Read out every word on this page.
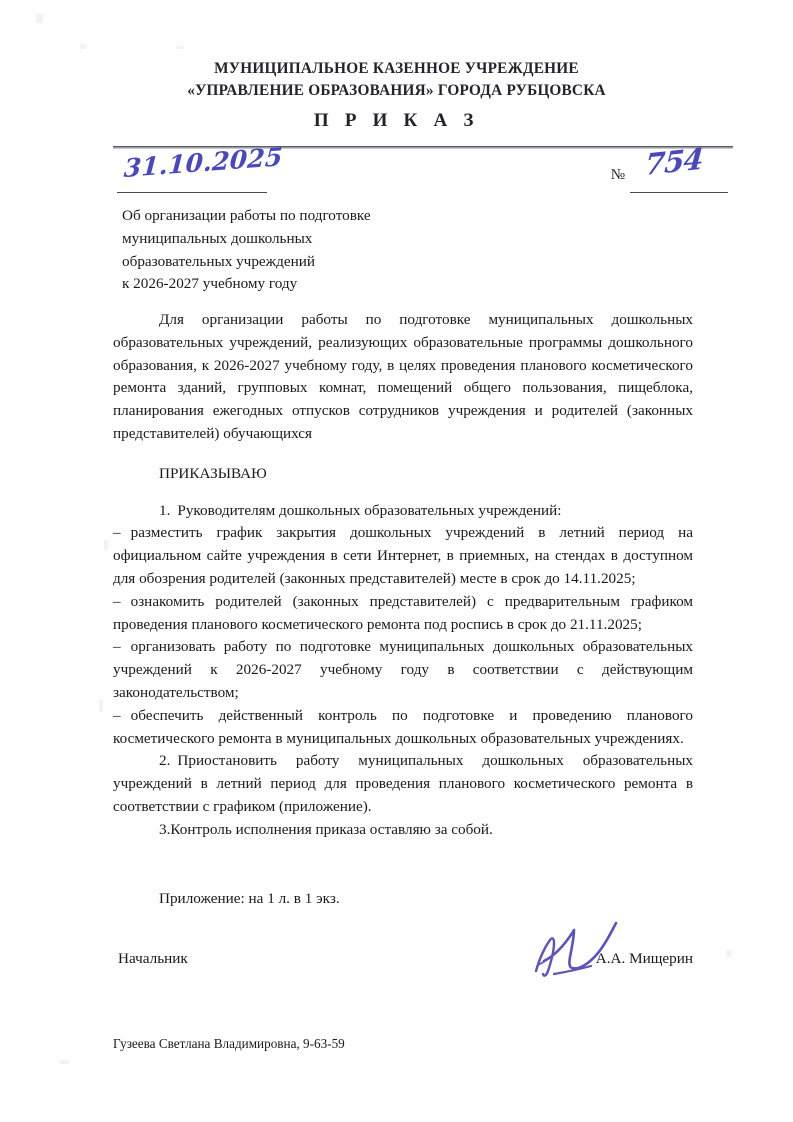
МУНИЦИПАЛЬНОЕ КАЗЕННОЕ УЧРЕЖДЕНИЕ
«УПРАВЛЕНИЕ ОБРАЗОВАНИЯ» ГОРОДА РУБЦОВСКА
П Р И К А З
31.10.2025	№ 754
Об организации работы по подготовке
муниципальных дошкольных
образовательных учреждений
к 2026-2027 учебному году

Для организации работы по подготовке муниципальных дошкольных образовательных учреждений, реализующих образовательные программы дошкольного образования, к 2026-2027 учебному году, в целях проведения планового косметического ремонта зданий, групповых комнат, помещений общего пользования, пищеблока, планирования ежегодных отпусков сотрудников учреждения и родителей (законных представителей) обучающихся

ПРИКАЗЫВАЮ

1. Руководителям дошкольных образовательных учреждений:

– разместить график закрытия дошкольных учреждений в летний период на официальном сайте учреждения в сети Интернет, в приемных, на стендах в доступном для обозрения родителей (законных представителей) месте в срок до 14.11.2025;

– ознакомить родителей (законных представителей) с предварительным графиком проведения планового косметического ремонта под роспись в срок до 21.11.2025;

– организовать работу по подготовке муниципальных дошкольных образовательных учреждений к 2026-2027 учебному году в соответствии с действующим законодательством;

– обеспечить действенный контроль по подготовке и проведению планового косметического ремонта в муниципальных дошкольных образовательных учреждениях.

2. Приостановить работу муниципальных дошкольных образовательных учреждений в летний период для проведения планового косметического ремонта в соответствии с графиком (приложение).

3.Контроль исполнения приказа оставляю за собой.

Приложение: на 1 л. в 1 экз.
Начальник	А.А. Мищерин
Гузеева Светлана Владимировна, 9-63-59
